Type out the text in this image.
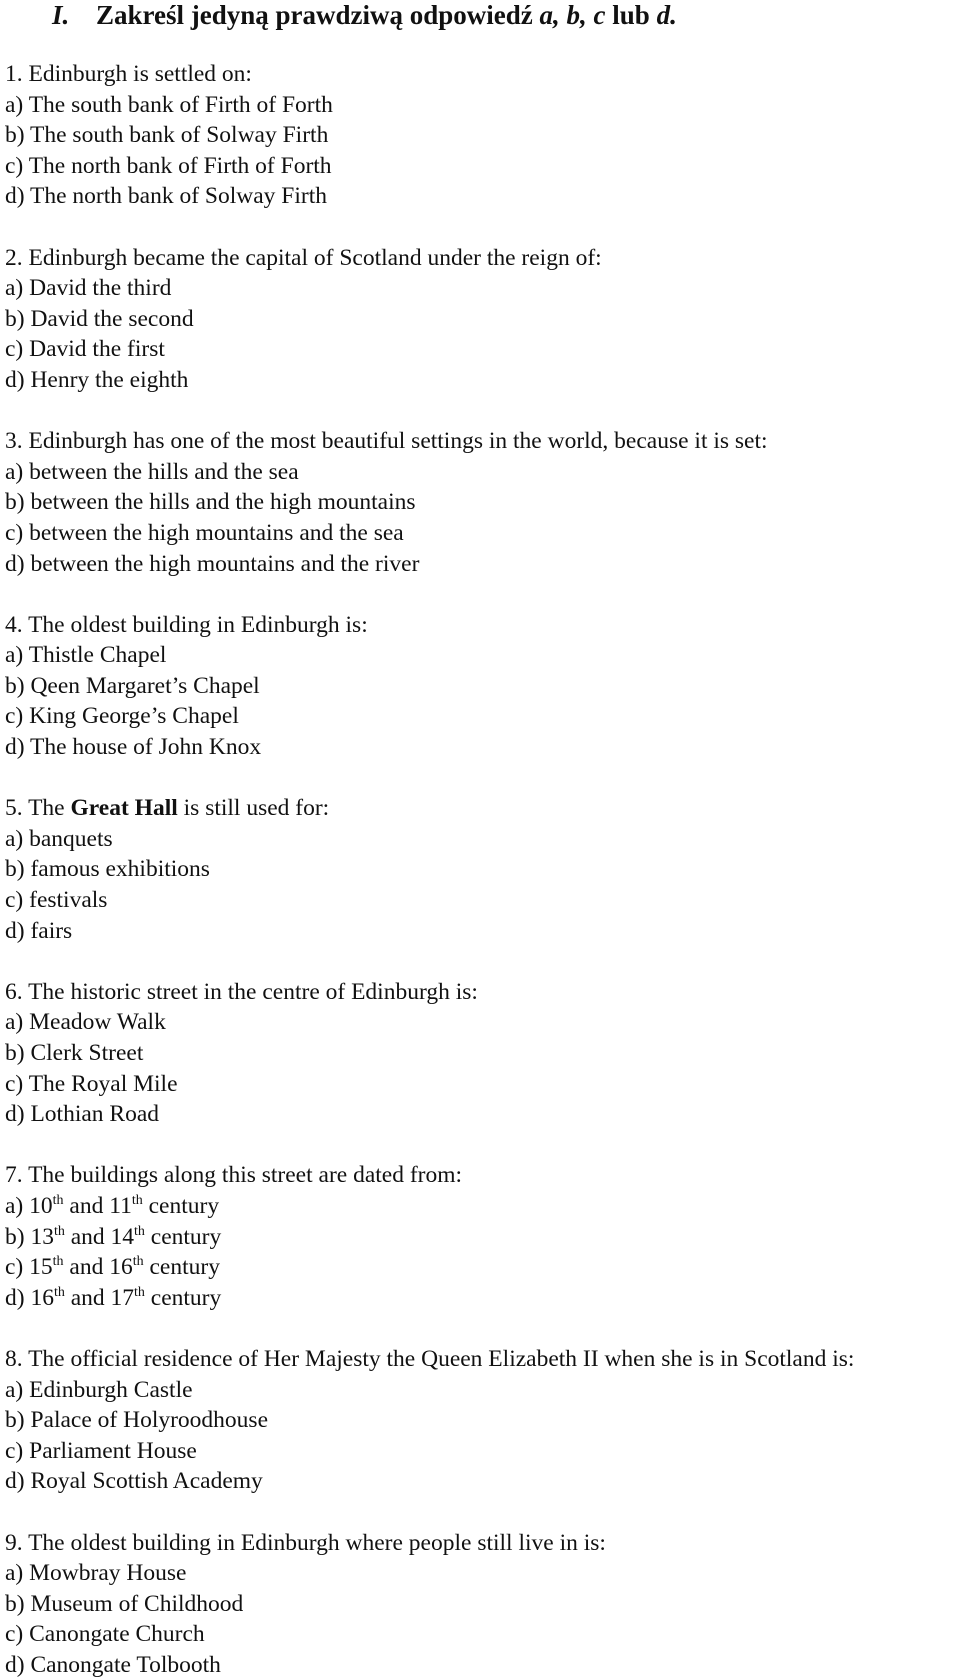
I. Zakreśl jedyną prawdziwą odpowiedź a, b, c lub d.
1. Edinburgh is settled on:
a) The south bank of Firth of Forth
b) The south bank of Solway Firth
c) The north bank of Firth of Forth
d) The north bank of Solway Firth
2. Edinburgh became the capital of Scotland under the reign of:
a) David the third
b) David the second
c) David the first
d) Henry the eighth
3. Edinburgh has one of the most beautiful settings in the world, because it is set:
a) between the hills and the sea
b) between the hills and the high mountains
c) between the high mountains and the sea
d) between the high mountains and the river
4. The oldest building in Edinburgh is:
a) Thistle Chapel
b) Qeen Margaret’s Chapel
c) King George’s Chapel
d) The house of John Knox
5. The Great Hall is still used for:
a) banquets
b) famous exhibitions
c) festivals
d) fairs
6. The historic street in the centre of Edinburgh is:
a) Meadow Walk
b) Clerk Street
c) The Royal Mile
d) Lothian Road
7. The buildings along this street are dated from:
a) 10th and 11th century
b) 13th and 14th century
c) 15th and 16th century
d) 16th and 17th century
8. The official residence of Her Majesty the Queen Elizabeth II when she is in Scotland is:
a) Edinburgh Castle
b) Palace of Holyroodhouse
c) Parliament House
d) Royal Scottish Academy
9. The oldest building in Edinburgh where people still live in is:
a) Mowbray House
b) Museum of Childhood
c) Canongate Church
d) Canongate Tolbooth
